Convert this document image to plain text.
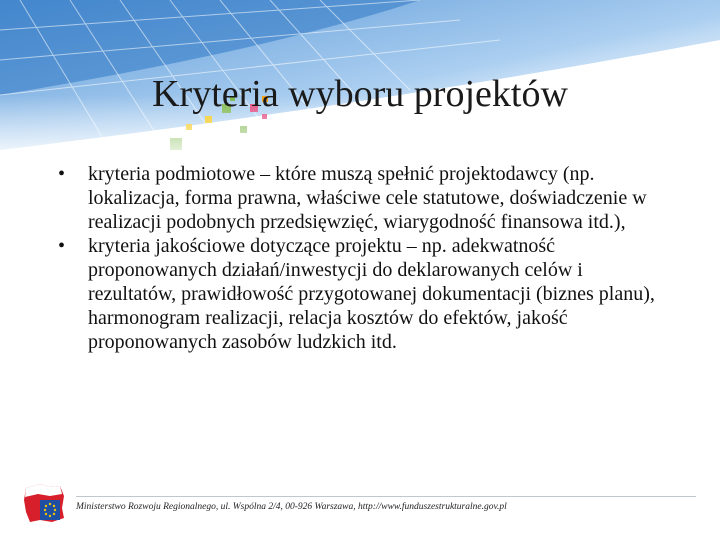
Kryteria wyboru projektów
• kryteria podmiotowe – które muszą spełnić projektodawcy (np. lokalizacja, forma prawna, właściwe cele statutowe, doświadczenie w realizacji podobnych przedsięwzięć, wiarygodność finansowa itd.),
• kryteria jakościowe dotyczące projektu – np. adekwatność proponowanych działań/inwestycji do deklarowanych celów i rezultatów, prawidłowość przygotowanej dokumentacji (biznes planu), harmonogram realizacji, relacja kosztów do efektów, jakość proponowanych zasobów ludzkich itd.
Ministerstwo Rozwoju Regionalnego, ul. Wspólna 2/4, 00-926 Warszawa, http://www.funduszestrukturalne.gov.pl
